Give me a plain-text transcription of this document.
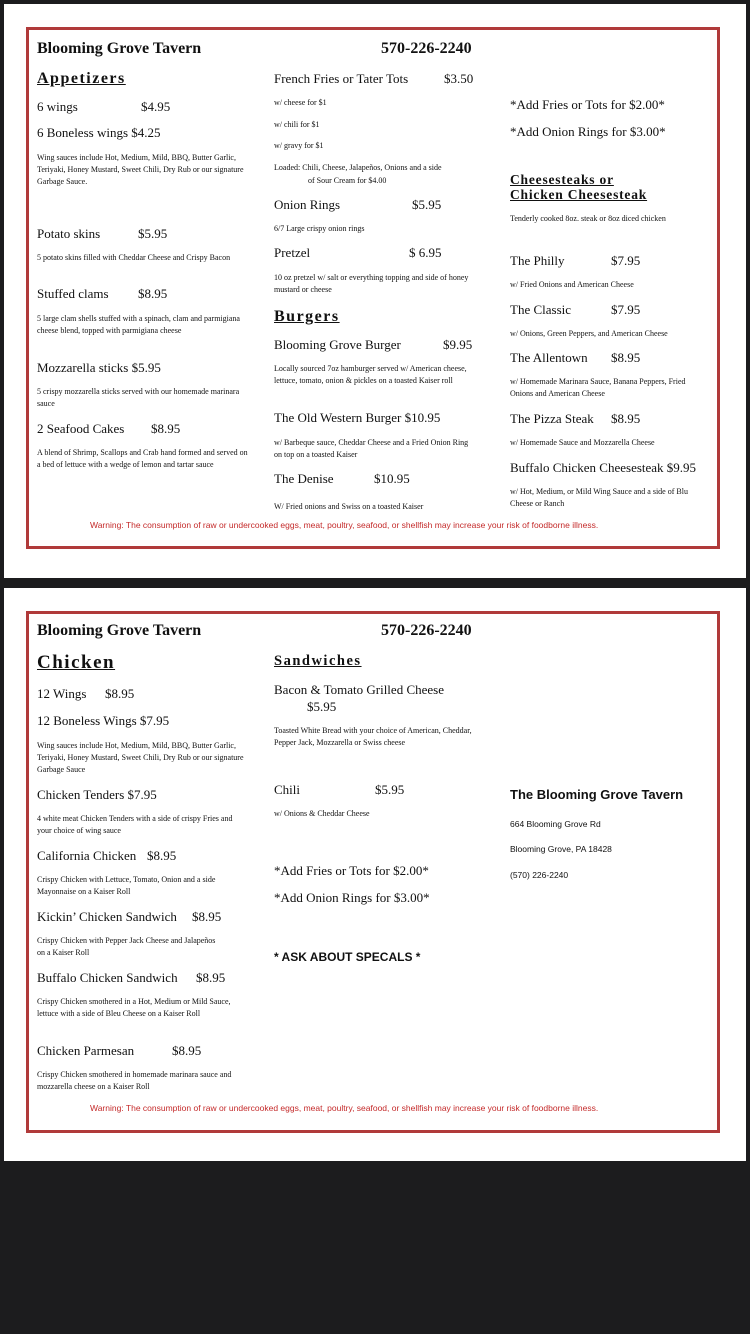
Blooming Grove Tavern	570-226-2240
Appetizers
6 wings	$4.95
6 Boneless wings $4.25
Wing sauces include Hot, Medium, Mild, BBQ, Butter Garlic, Teriyaki, Honey Mustard, Sweet Chili, Dry Rub or our signature Garbage Sauce.
Potato skins	$5.95
5 potato skins filled with Cheddar Cheese and Crispy Bacon
Stuffed clams $8.95
5 large clam shells stuffed with a spinach, clam and parmigiana cheese blend, topped with parmigiana cheese
Mozzarella sticks $5.95
5 crispy mozzarella sticks served with our homemade marinara sauce
2 Seafood Cakes $8.95
A blend of Shrimp, Scallops and Crab hand formed and served on a bed of lettuce with a wedge of lemon and tartar sauce
French Fries or Tater Tots	$3.50
w/ cheese for $1
w/ chili for $1
w/ gravy for $1
Loaded: Chili, Cheese, Jalapeños, Onions and a side
of Sour Cream for $4.00
Onion Rings	$5.95
6/7 Large crispy onion rings
Pretzel	$ 6.95
10 oz pretzel w/ salt or everything topping and side of honey mustard or cheese
Burgers
Blooming Grove Burger	$9.95
Locally sourced 7oz hamburger served w/ American cheese, lettuce, tomato, onion & pickles on a toasted Kaiser roll
The Old Western Burger $10.95
w/ Barbeque sauce, Cheddar Cheese and a Fried Onion Ring on top on a toasted Kaiser
The Denise	$10.95
W/ Fried onions and Swiss on a toasted Kaiser
*Add Fries or Tots for $2.00*
*Add Onion Rings for $3.00*
Cheesesteaks or
Chicken Cheesesteak
Tenderly cooked 8oz. steak or 8oz diced chicken
The Philly	$7.95
w/ Fried Onions and American Cheese
The Classic	$7.95
w/ Onions, Green Peppers, and American Cheese
The Allentown $8.95
w/ Homemade Marinara Sauce, Banana Peppers, Fried Onions and American Cheese
The Pizza Steak $8.95
w/ Homemade Sauce and Mozzarella Cheese
Buffalo Chicken Cheesesteak $9.95
w/ Hot, Medium, or Mild Wing Sauce and a side of Blu Cheese or Ranch
Warning: The consumption of raw or undercooked eggs, meat, poultry, seafood, or shellfish may increase your risk of foodborne illness.
Blooming Grove Tavern	570-226-2240
Chicken
12 Wings $8.95
12 Boneless Wings $7.95
Wing sauces include Hot, Medium, Mild, BBQ, Butter Garlic, Teriyaki, Honey Mustard, Sweet Chili, Dry Rub or our signature Garbage Sauce
Chicken Tenders $7.95
4 white meat Chicken Tenders with a side of crispy Fries and your choice of wing sauce
California Chicken $8.95
Crispy Chicken with Lettuce, Tomato, Onion and a side Mayonnaise on a Kaiser Roll
Kickin’ Chicken Sandwich $8.95
Crispy Chicken with Pepper Jack Cheese and Jalapeños on a Kaiser Roll
Buffalo Chicken Sandwich $8.95
Crispy Chicken smothered in a Hot, Medium or Mild Sauce, lettuce with a side of Bleu Cheese on a Kaiser Roll
Chicken Parmesan	$8.95
Crispy Chicken smothered in homemade marinara sauce and mozzarella cheese on a Kaiser Roll
Sandwiches
Bacon & Tomato Grilled Cheese
$5.95
Toasted White Bread with your choice of American, Cheddar, Pepper Jack, Mozzarella or Swiss cheese
Chili	$5.95
w/ Onions & Cheddar Cheese
*Add Fries or Tots for $2.00*
*Add Onion Rings for $3.00*
* ASK ABOUT SPECALS *
The Blooming Grove Tavern
664 Blooming Grove Rd
Blooming Grove, PA 18428
(570) 226-2240
Warning: The consumption of raw or undercooked eggs, meat, poultry, seafood, or shellfish may increase your risk of foodborne illness.
